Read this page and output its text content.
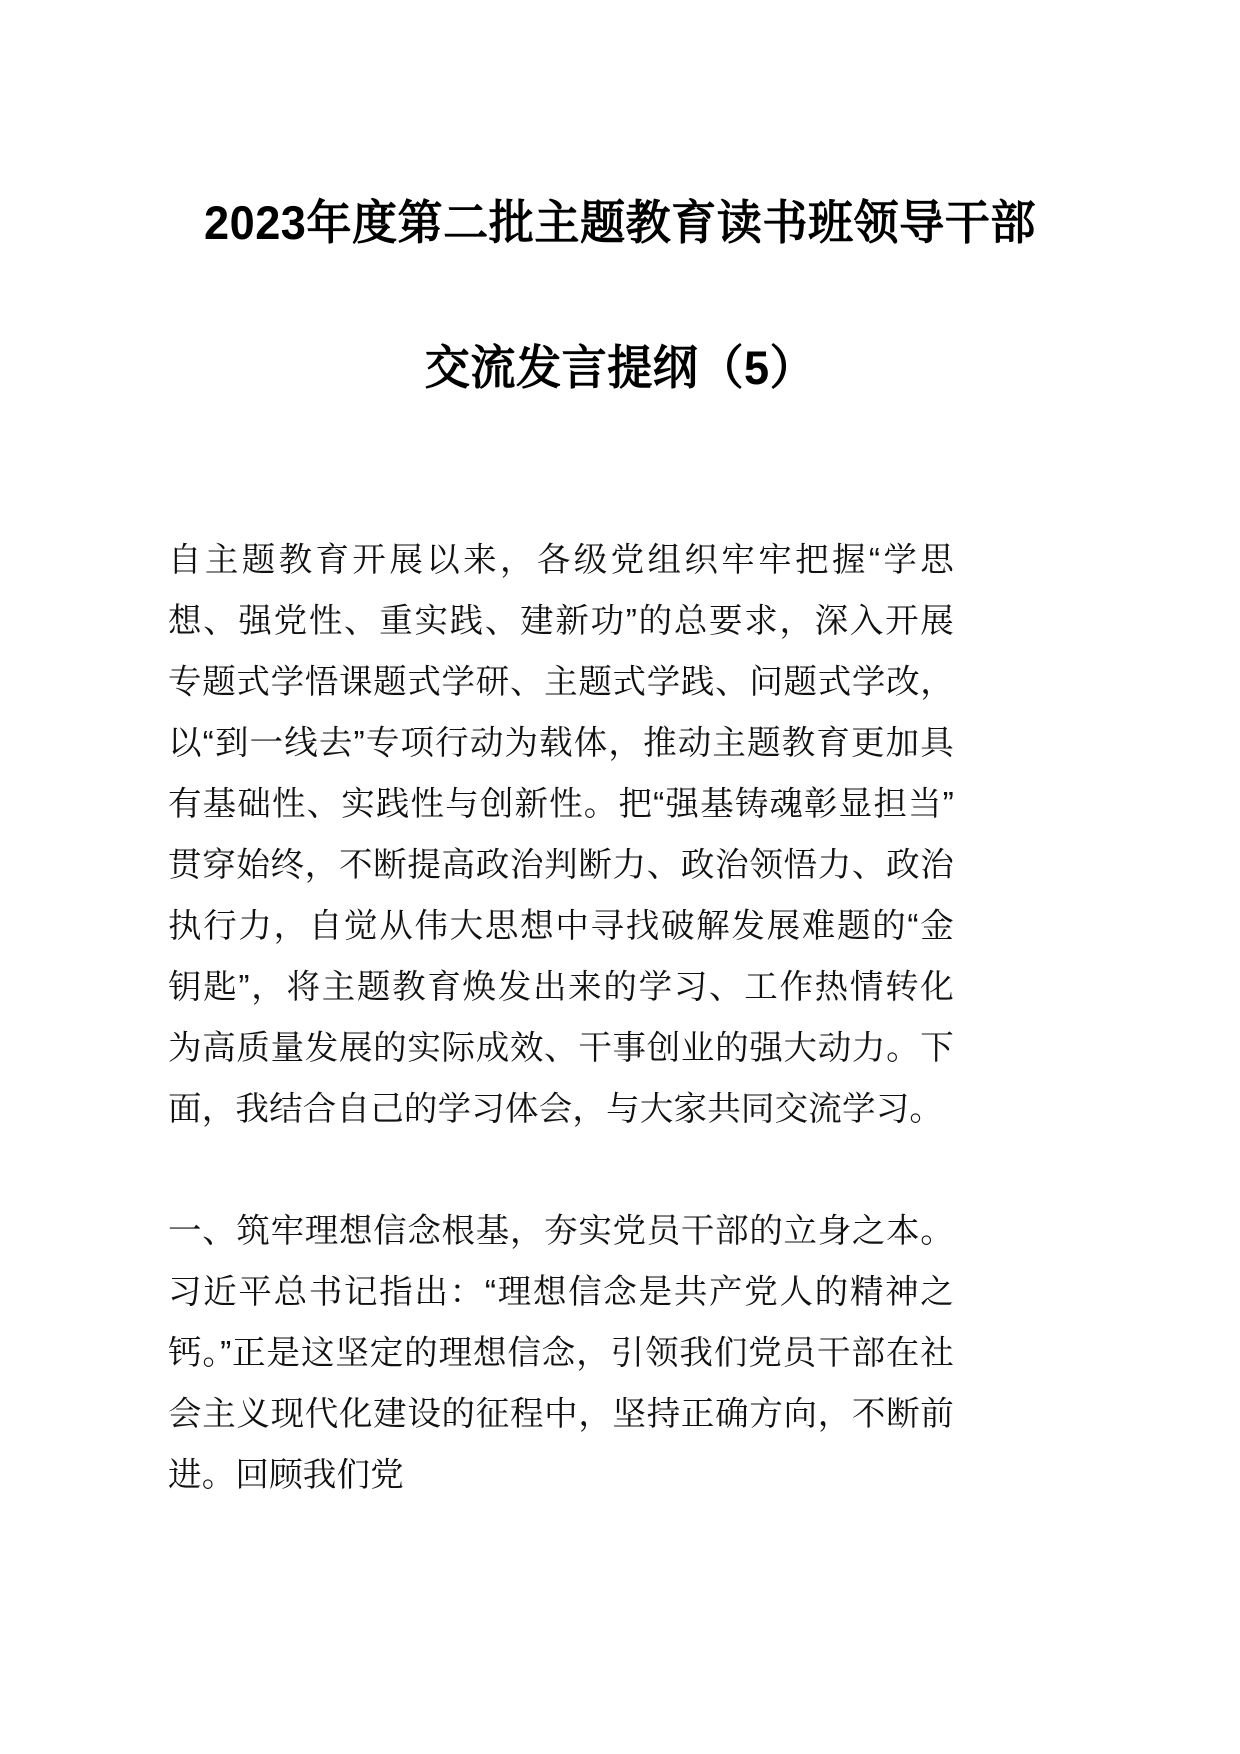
2023年度第二批主题教育读书班领导干部
交流发言提纲（5）

自主题教育开展以来，各级党组织牢牢把握“学思想、强党性、重实践、建新功”的总要求，深入开展专题式学悟课题式学研、主题式学践、问题式学改，以“到一线去”专项行动为载体，推动主题教育更加具有基础性、实践性与创新性。把“强基铸魂彰显担当”贯穿始终，不断提高政治判断力、政治领悟力、政治执行力，自觉从伟大思想中寻找破解发展难题的“金钥匙”，将主题教育焕发出来的学习、工作热情转化为高质量发展的实际成效、干事创业的强大动力。下面，我结合自己的学习体会，与大家共同交流学习。

一、筑牢理想信念根基，夯实党员干部的立身之本。习近平总书记指出：“理想信念是共产党人的精神之钙。”正是这坚定的理想信念，引领我们党员干部在社会主义现代化建设的征程中，坚持正确方向，不断前进。回顾我们党
